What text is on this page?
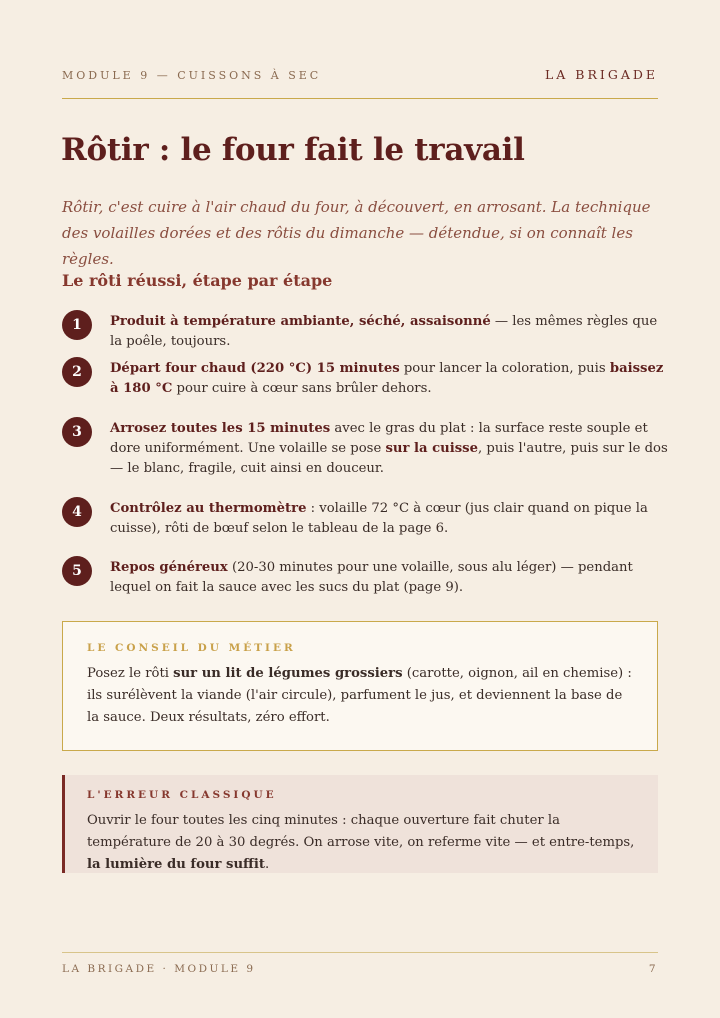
MODULE 9 — CUISSONS À SEC	LA BRIGADE
Rôtir : le four fait le travail

Rôtir, c'est cuire à l'air chaud du four, à découvert, en arrosant. La technique des volailles dorées et des rôtis du dimanche — détendue, si on connaît les règles.

Le rôti réussi, étape par étape
1	Produit à température ambiante, séché, assaisonné — les mêmes règles que la poêle, toujours.
2	Départ four chaud (220 °C) 15 minutes pour lancer la coloration, puis baissez à 180 °C pour cuire à cœur sans brûler dehors.
3	Arrosez toutes les 15 minutes avec le gras du plat : la surface reste souple et dore uniformément. Une volaille se pose sur la cuisse, puis l'autre, puis sur le dos — le blanc, fragile, cuit ainsi en douceur.
4	Contrôlez au thermomètre : volaille 72 °C à cœur (jus clair quand on pique la cuisse), rôti de bœuf selon le tableau de la page 6.
5	Repos généreux (20-30 minutes pour une volaille, sous alu léger) — pendant lequel on fait la sauce avec les sucs du plat (page 9).
LE CONSEIL DU MÉTIER
Posez le rôti sur un lit de légumes grossiers (carotte, oignon, ail en chemise) : ils surélèvent la viande (l'air circule), parfument le jus, et deviennent la base de la sauce. Deux résultats, zéro effort.
L'ERREUR CLASSIQUE
Ouvrir le four toutes les cinq minutes : chaque ouverture fait chuter la température de 20 à 30 degrés. On arrose vite, on referme vite — et entre-temps, la lumière du four suffit.
LA BRIGADE · MODULE 9	7
